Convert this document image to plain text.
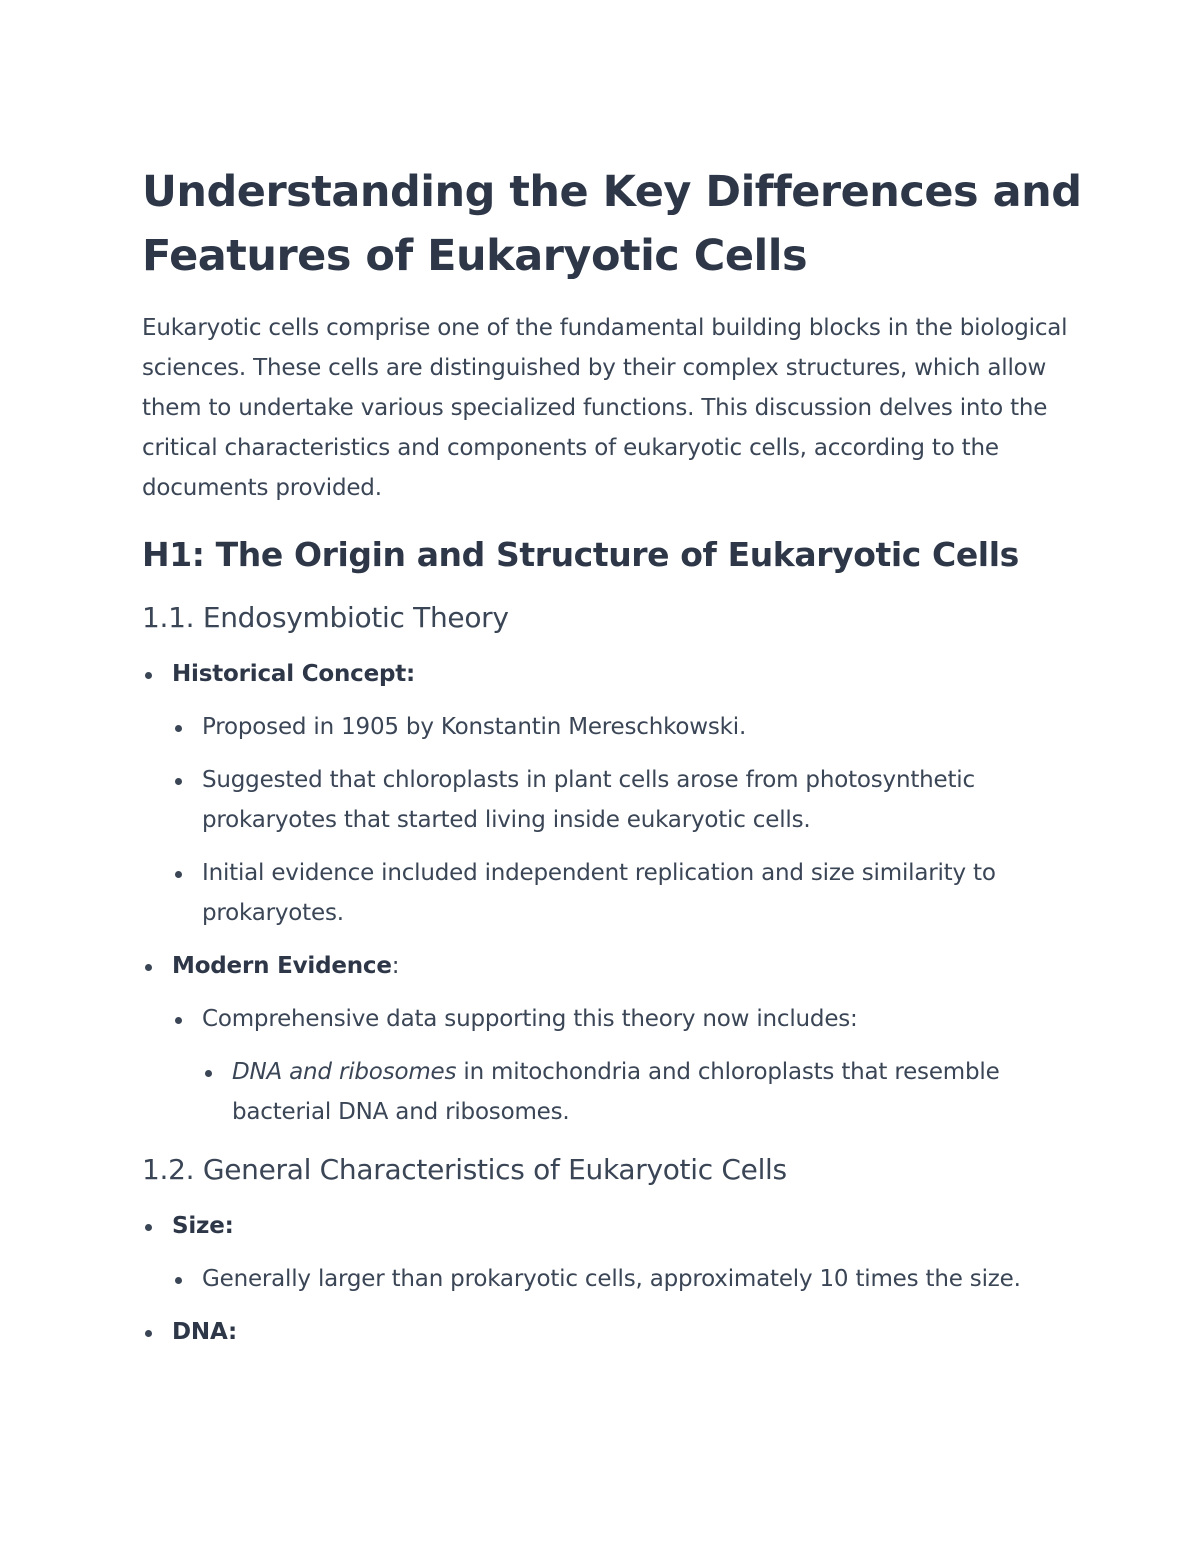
Understanding the Key Differences and Features of Eukaryotic Cells

Eukaryotic cells comprise one of the fundamental building blocks in the biological sciences. These cells are distinguished by their complex structures, which allow them to undertake various specialized functions. This discussion delves into the critical characteristics and components of eukaryotic cells, according to the documents provided.

H1: The Origin and Structure of Eukaryotic Cells
1.1. Endosymbiotic Theory
Historical Concept:
Proposed in 1905 by Konstantin Mereschkowski.
Suggested that chloroplasts in plant cells arose from photosynthetic prokaryotes that started living inside eukaryotic cells.
Initial evidence included independent replication and size similarity to prokaryotes.
Modern Evidence:
Comprehensive data supporting this theory now includes:
DNA and ribosomes in mitochondria and chloroplasts that resemble bacterial DNA and ribosomes.
1.2. General Characteristics of Eukaryotic Cells
Size:
Generally larger than prokaryotic cells, approximately 10 times the size.
DNA:
